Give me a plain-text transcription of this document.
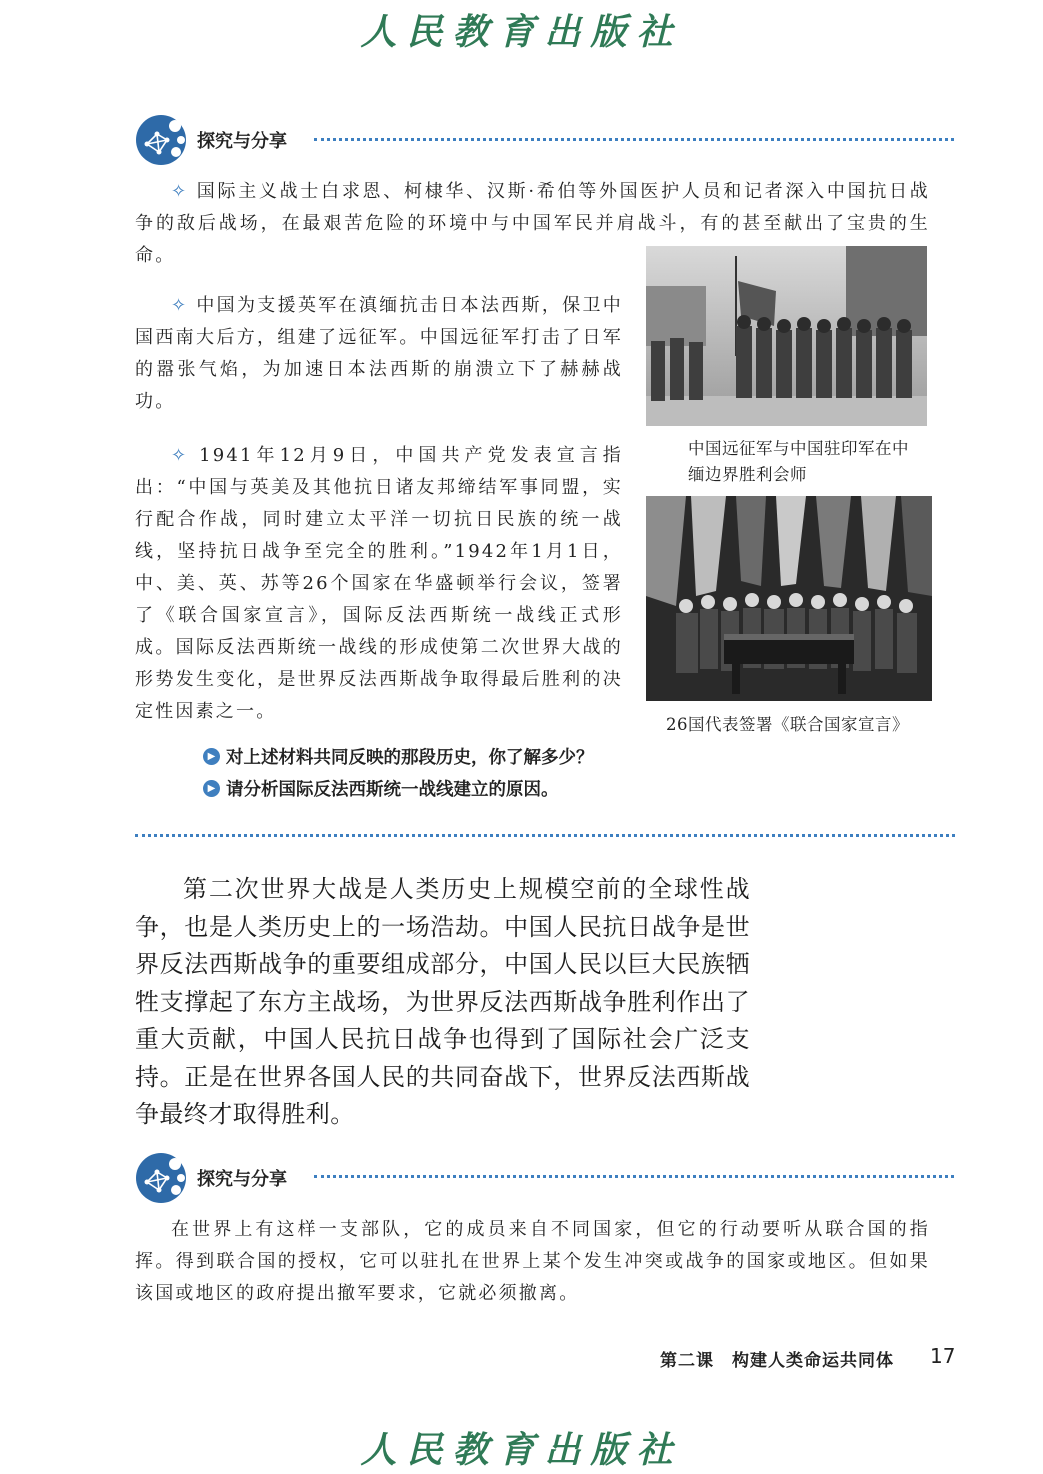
人民教育出版社
探究与分享
✧ 国际主义战士白求恩、柯棣华、汉斯·希伯等外国医护人员和记者深入中国抗日战争的敌后战场，在最艰苦危险的环境中与中国军民并肩战斗，有的甚至献出了宝贵的生命。
✧ 中国为支援英军在滇缅抗击日本法西斯，保卫中国西南大后方，组建了远征军。中国远征军打击了日军的嚣张气焰，为加速日本法西斯的崩溃立下了赫赫战功。
中国远征军与中国驻印军在中缅边界胜利会师
✧ 1941年12月9日，中国共产党发表宣言指出：“中国与英美及其他抗日诸友邦缔结军事同盟，实行配合作战，同时建立太平洋一切抗日民族的统一战线，坚持抗日战争至完全的胜利。”1942年1月1日，中、美、英、苏等26个国家在华盛顿举行会议，签署了《联合国家宣言》，国际反法西斯统一战线正式形成。国际反法西斯统一战线的形成使第二次世界大战的形势发生变化，是世界反法西斯战争取得最后胜利的决定性因素之一。
26国代表签署《联合国家宣言》
▶ 对上述材料共同反映的那段历史，你了解多少？
▶ 请分析国际反法西斯统一战线建立的原因。
第二次世界大战是人类历史上规模空前的全球性战争，也是人类历史上的一场浩劫。中国人民抗日战争是世界反法西斯战争的重要组成部分，中国人民以巨大民族牺牲支撑起了东方主战场，为世界反法西斯战争胜利作出了重大贡献，中国人民抗日战争也得到了国际社会广泛支持。正是在世界各国人民的共同奋战下，世界反法西斯战争最终才取得胜利。
探究与分享
在世界上有这样一支部队，它的成员来自不同国家，但它的行动要听从联合国的指挥。得到联合国的授权，它可以驻扎在世界上某个发生冲突或战争的国家或地区。但如果该国或地区的政府提出撤军要求，它就必须撤离。
第二课　构建人类命运共同体 17
人民教育出版社
